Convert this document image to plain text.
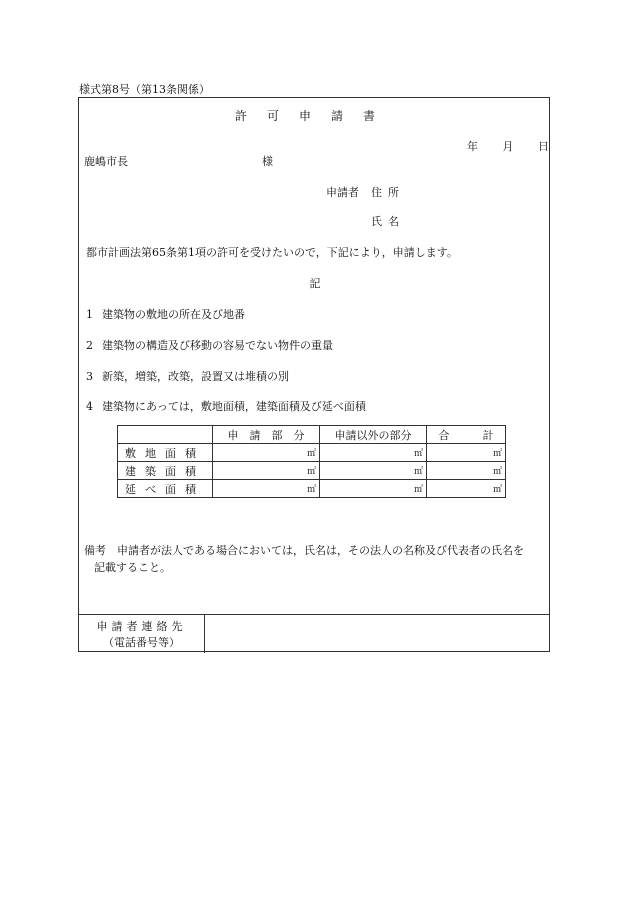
様式第8号（第13条関係）
許可申請書
年 月 日
鹿嶋市長	様
申請者 住所
氏名
都市計画法第65条第1項の許可を受けたいので，下記により，申請します。
記
1 建築物の敷地の所在及び地番
2 建築物の構造及び移動の容易でない物件の重量
3 新築，増築，改築，設置又は堆積の別
4 建築物にあっては，敷地面積，建築面積及び延べ面積
	申　請　部　分	申請以外の部分	合　　　計
敷地面積	㎡	㎡	㎡
建築面積	㎡	㎡	㎡
延べ面積	㎡	㎡	㎡
備考　申請者が法人である場合においては，氏名は，その法人の名称及び代表者の氏名を
記載すること。
申請者連絡先
（電話番号等）
